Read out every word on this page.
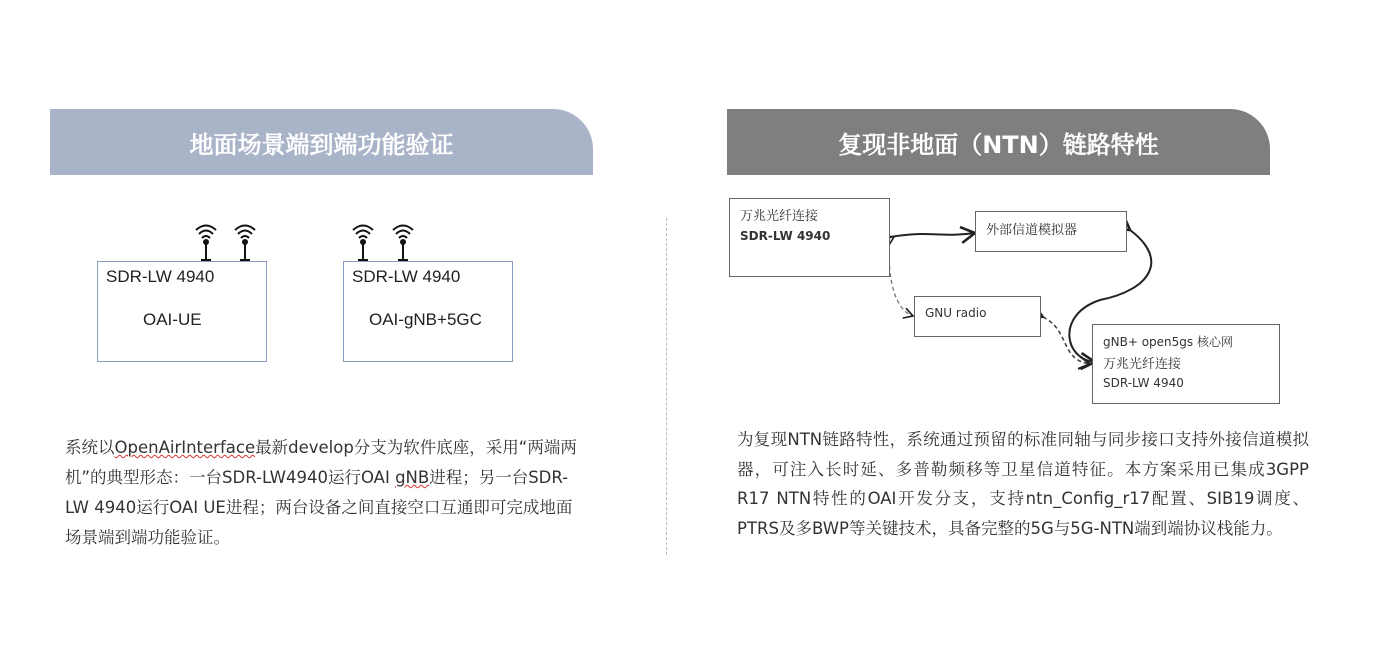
地面场景端到端功能验证	复现非地面（NTN）链路特性
SDR-LW 4940
OAI-UE
SDR-LW 4940
OAI-gNB+5GC
系统以OpenAirInterface最新develop分支为软件底座，采用“两端两机”的典型形态：一台SDR-LW4940运行OAI gNB进程；另一台SDR-LW 4940运行OAI UE进程；两台设备之间直接空口互通即可完成地面场景端到端功能验证。
万兆光纤连接
SDR-LW 4940	外部信道模拟器
GNU radio
gNB+ open5gs 核心网
万兆光纤连接
SDR-LW 4940
为复现NTN链路特性，系统通过预留的标准同轴与同步接口支持外接信道模拟器，可注入长时延、多普勒频移等卫星信道特征。本方案采用已集成3GPP R17 NTN特性的OAI开发分支，支持ntn_Config_r17配置、SIB19调度、PTRS及多BWP等关键技术，具备完整的5G与5G-NTN端到端协议栈能力。
